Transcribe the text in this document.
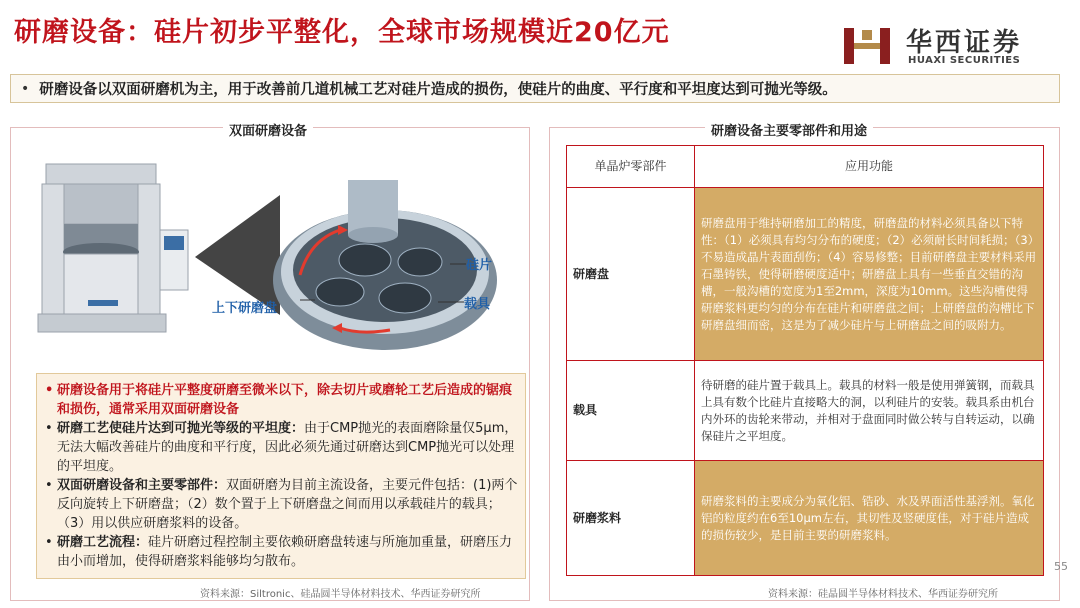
研磨设备：硅片初步平整化，全球市场规模近20亿元	华西证券
HUAXI SECURITIES
• 研磨设备以双面研磨机为主，用于改善前几道机械工艺对硅片造成的损伤，使硅片的曲度、平行度和平坦度达到可抛光等级。
双面研磨设备
硅片
载具
上下研磨盘
• 研磨设备用于将硅片平整度研磨至微米以下，除去切片或磨轮工艺后造成的锯痕和损伤，通常采用双面研磨设备
• 研磨工艺使硅片达到可抛光等级的平坦度：由于CMP抛光的表面磨除量仅5μm，无法大幅改善硅片的曲度和平行度，因此必须先通过研磨达到CMP抛光可以处理的平坦度。
• 双面研磨设备和主要零部件：双面研磨为目前主流设备，主要元件包括：(1)两个反向旋转上下研磨盘；（2）数个置于上下研磨盘之间而用以承载硅片的载具；（3）用以供应研磨浆料的设备。
• 研磨工艺流程：硅片研磨过程控制主要依赖研磨盘转速与所施加重量，研磨压力由小而增加，使得研磨浆料能够均匀散布。
资料来源：Siltronic、硅晶圆半导体材料技术、华西证券研究所
研磨设备主要零部件和用途
单晶炉零部件	应用功能
研磨盘	研磨盘用于维持研磨加工的精度，研磨盘的材料必须具备以下特性：（1）必须具有均匀分布的硬度；（2）必须耐长时间耗损；（3）不易造成晶片表面刮伤；（4）容易修整；目前研磨盘主要材料采用石墨铸铁，使得研磨硬度适中；研磨盘上具有一些垂直交错的沟槽，一般沟槽的宽度为1至2mm，深度为10mm。这些沟槽使得研磨浆料更均匀的分布在硅片和研磨盘之间；上研磨盘的沟槽比下研磨盘细而密，这是为了减少硅片与上研磨盘之间的吸附力。
载具	待研磨的硅片置于载具上。载具的材料一般是使用弹簧钢，而载具上具有数个比硅片直接略大的洞，以利硅片的安装。载具系由机台内外环的齿轮来带动，并相对于盘面同时做公转与自转运动，以确保硅片之平坦度。
研磨浆料	研磨浆料的主要成分为氧化铝、锆砂、水及界面活性基浮剂。氧化铝的粒度约在6至10μm左右，其切性及竖硬度佳，对于硅片造成的损伤较少，是目前主要的研磨浆料。
资料来源：硅晶圆半导体材料技术、华西证券研究所
55
